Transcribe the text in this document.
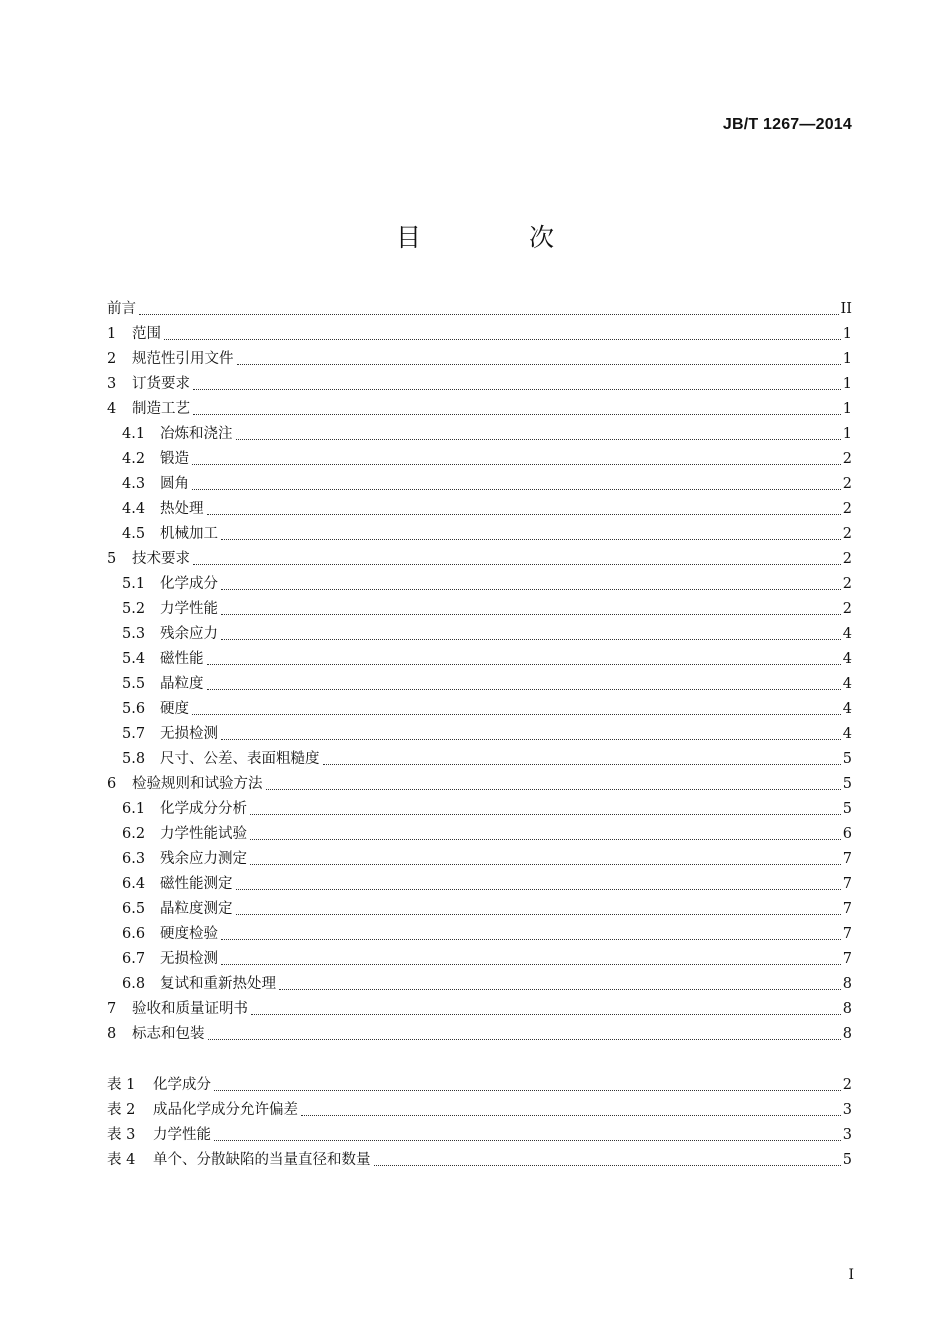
JB/T 1267—2014
目 次
前言	II
1	范围	1
2	规范性引用文件	1
3	订货要求	1
4	制造工艺	1
4.1	冶炼和浇注	1
4.2	锻造	2
4.3	圆角	2
4.4	热处理	2
4.5	机械加工	2
5	技术要求	2
5.1	化学成分	2
5.2	力学性能	2
5.3	残余应力	4
5.4	磁性能	4
5.5	晶粒度	4
5.6	硬度	4
5.7	无损检测	4
5.8	尺寸、公差、表面粗糙度	5
6	检验规则和试验方法	5
6.1	化学成分分析	5
6.2	力学性能试验	6
6.3	残余应力测定	7
6.4	磁性能测定	7
6.5	晶粒度测定	7
6.6	硬度检验	7
6.7	无损检测	7
6.8	复试和重新热处理	8
7	验收和质量证明书	8
8	标志和包装	8
表 1	化学成分	2
表 2	成品化学成分允许偏差	3
表 3	力学性能	3
表 4	单个、分散缺陷的当量直径和数量	5
I
